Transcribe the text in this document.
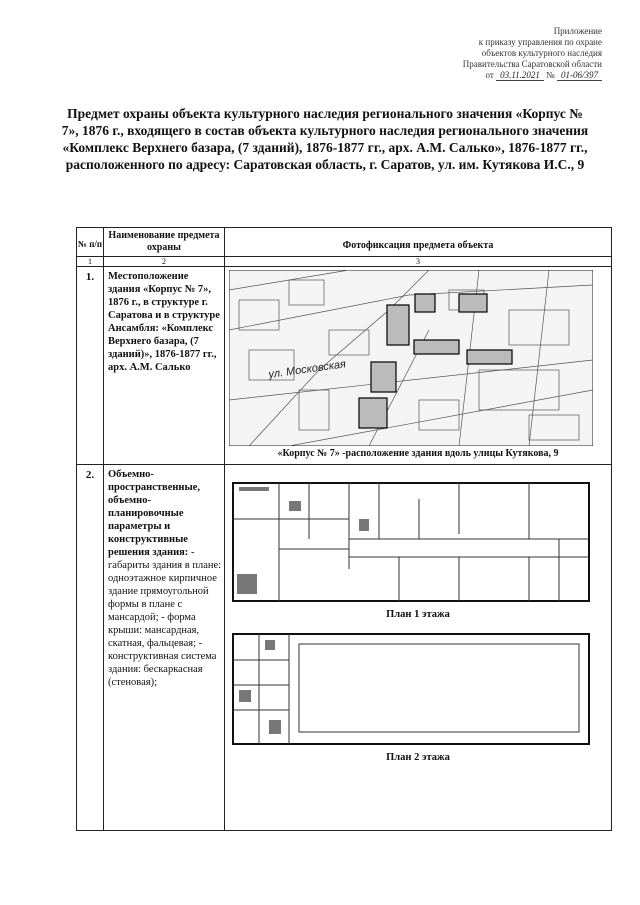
Приложение
к приказу управления по охране
объектов культурного наследия
Правительства Саратовской области
от 03.11.2021 № 01-06/397
Предмет охраны объекта культурного наследия регионального значения «Корпус № 7», 1876 г., входящего в состав объекта культурного наследия регионального значения «Комплекс Верхнего базара, (7 зданий), 1876-1877 гг., арх. А.М. Салько», 1876-1877 гг., расположенного по адресу: Саратовская область, г. Саратов, ул. им. Кутякова И.С., 9
№ п/п	Наименование предмета охраны	Фотофиксация предмета объекта
1	2	3
1.	Местоположение здания «Корпус № 7», 1876 г., в структуре г. Саратова и в структуре Ансамбля: «Комплекс Верхнего базара, (7 зданий)», 1876-1877 гг., арх. А.М. Салько	ул. Московская
«Корпус № 7» -расположение здания вдоль улицы Кутякова, 9

2.	Объемно-пространственные, объемно-планировочные параметры и конструктивные решения здания: - габариты здания в плане: одноэтажное кирпичное здание прямоугольной формы в плане с мансардой; - форма крыши: мансардная, скатная, фальцевая; - конструктивная система здания: бескаркасная (стеновая);	План 1 этажа
План 2 этажа
